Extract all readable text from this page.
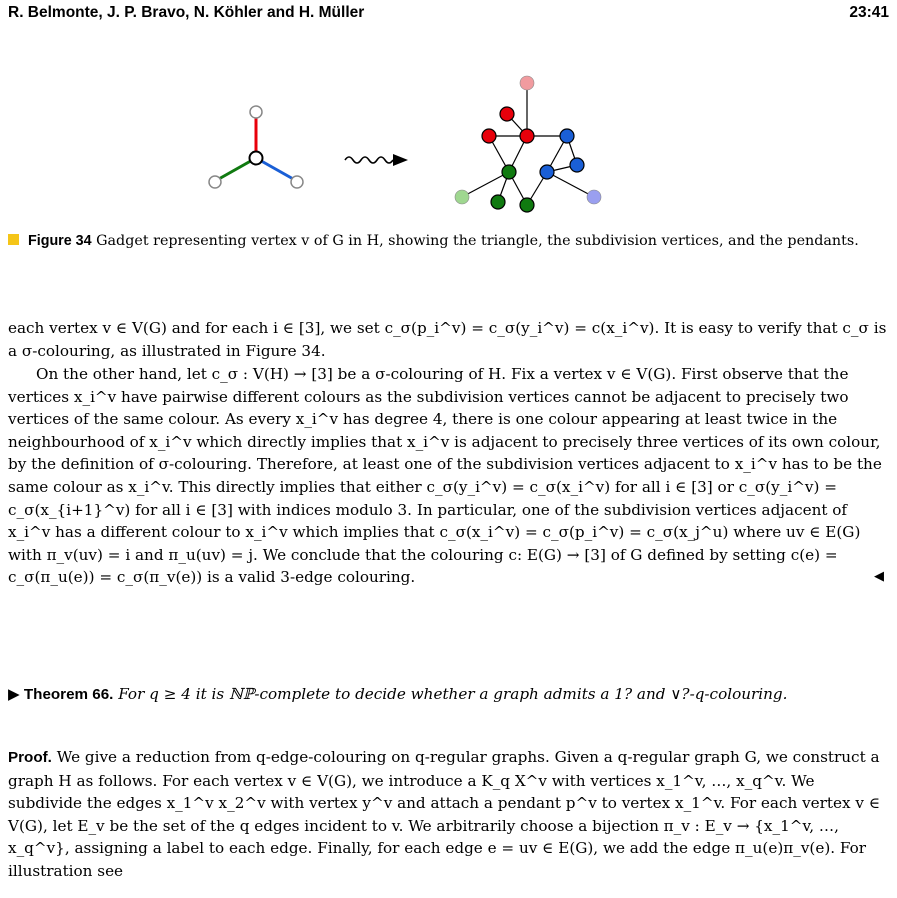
R. Belmonte, J. P. Bravo, N. Köhler and H. Müller	23:41
Figure 34 Gadget representing vertex v of G in H, showing the triangle, the subdivision vertices, and the pendants.

each vertex v ∈ V(G) and for each i ∈ [3], we set c_σ(p_i^v) = c_σ(y_i^v) = c(x_i^v). It is easy to verify that c_σ is a σ-colouring, as illustrated in Figure 34.

On the other hand, let c_σ : V(H) → [3] be a σ-colouring of H. Fix a vertex v ∈ V(G). First observe that the vertices x_i^v have pairwise different colours as the subdivision vertices cannot be adjacent to precisely two vertices of the same colour. As every x_i^v has degree 4, there is one colour appearing at least twice in the neighbourhood of x_i^v which directly implies that x_i^v is adjacent to precisely three vertices of its own colour, by the definition of σ-colouring. Therefore, at least one of the subdivision vertices adjacent to x_i^v has to be the same colour as x_i^v. This directly implies that either c_σ(y_i^v) = c_σ(x_i^v) for all i ∈ [3] or c_σ(y_i^v) = c_σ(x_{i+1}^v) for all i ∈ [3] with indices modulo 3. In particular, one of the subdivision vertices adjacent of x_i^v has a different colour to x_i^v which implies that c_σ(x_i^v) = c_σ(p_i^v) = c_σ(x_j^u) where uv ∈ E(G) with π_v(uv) = i and π_u(uv) = j. We conclude that the colouring c: E(G) → [3] of G defined by setting c(e) = c_σ(π_u(e)) = c_σ(π_v(e)) is a valid 3-edge colouring.	◀

▶ Theorem 66. For q ≥ 4 it is ℕℙ-complete to decide whether a graph admits a 1? and ∨?-q-colouring.

Proof. We give a reduction from q-edge-colouring on q-regular graphs. Given a q-regular graph G, we construct a graph H as follows. For each vertex v ∈ V(G), we introduce a K_q X^v with vertices x_1^v, …, x_q^v. We subdivide the edges x_1^v x_2^v with vertex y^v and attach a pendant p^v to vertex x_1^v. For each vertex v ∈ V(G), let E_v be the set of the q edges incident to v. We arbitrarily choose a bijection π_v : E_v → {x_1^v, …, x_q^v}, assigning a label to each edge. Finally, for each edge e = uv ∈ E(G), we add the edge π_u(e)π_v(e). For illustration see
